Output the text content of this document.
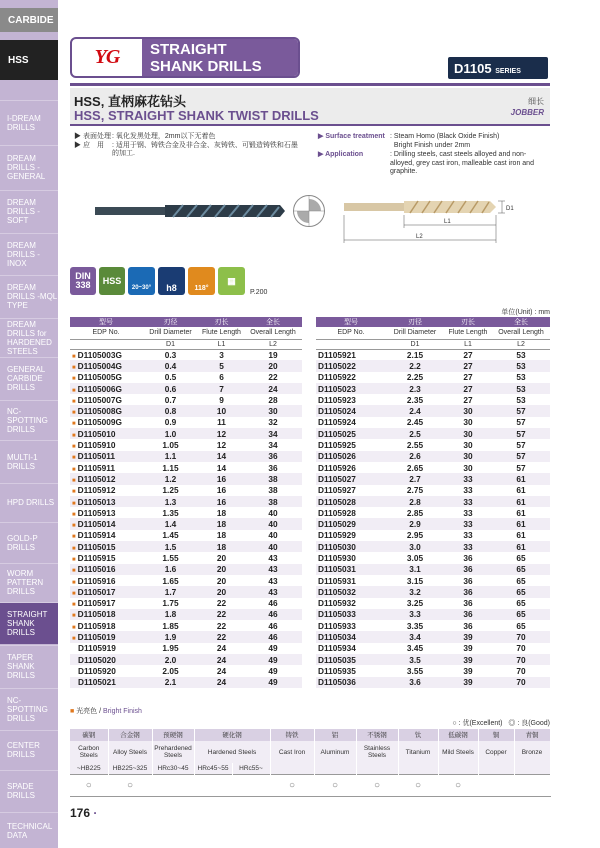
CARBIDE
HSS
I-DREAM DRILLS
DREAM DRILLS -GENERAL
DREAM DRILLS -SOFT
DREAM DRILLS -INOX
DREAM DRILLS -MQL TYPE
DREAM DRILLS for HARDENED STEELS
GENERAL CARBIDE DRILLS
NC-SPOTTING DRILLS
MULTI-1 DRILLS
HPD DRILLS
GOLD-P DRILLS
WORM PATTERN DRILLS
STRAIGHT SHANK DRILLS
TAPER SHANK DRILLS
NC-SPOTTING DRILLS
CENTER DRILLS
SPADE DRILLS
TECHNICAL DATA
YG	STRAIGHT
SHANK DRILLS	D1105 SERIES
HSS, 直柄麻花钻头
HSS, STRAIGHT SHANK TWIST DRILLS
细长
JOBBER
▶ 表面处理 : 氧化发黑处理，2mm以下无着色
▶ 应　用	: 适用于钢、铸铁合金及非合金、灰铸铁、可锻造铸铁和石墨的加工.
▶ Surface treatment : Steam Homo (Black Oxide Finish)
Bright Finish under 2mm
▶ Application	: Drilling steels, cast steels alloyed and non-alloyed, grey cast iron, malleable cast iron and graphite.
D1
L1
L2
DIN
338 HSS
20~30° h8	118°
▦
P.200
单位(Unit) : mm
型号	刃径	刃长	全长
EDP No.	Drill Diameter	Flute Length	Overall Length
	D1	L1	L2
■ D1105003G	0.3	3	19
■ D1105004G	0.4	5	20
■ D1105005G	0.5	6	22
■ D1105006G	0.6	7	24
■ D1105007G	0.7	9	28
■ D1105008G	0.8	10	30
■ D1105009G	0.9	11	32
■ D1105010	1.0	12	34
■ D1105910	1.05	12	34
■ D1105011	1.1	14	36
■ D1105911	1.15	14	36
■ D1105012	1.2	16	38
■ D1105912	1.25	16	38
■ D1105013	1.3	16	38
■ D1105913	1.35	18	40
■ D1105014	1.4	18	40
■ D1105914	1.45	18	40
■ D1105015	1.5	18	40
■ D1105915	1.55	20	43
■ D1105016	1.6	20	43
■ D1105916	1.65	20	43
■ D1105017	1.7	20	43
■ D1105917	1.75	22	46
■ D1105018	1.8	22	46
■ D1105918	1.85	22	46
■ D1105019	1.9	22	46
D1105919	1.95	24	49
D1105020	2.0	24	49
D1105920	2.05	24	49
D1105021	2.1	24	49
型号	刃径	刃长	全长
EDP No.	Drill Diameter	Flute Length	Overall Length
	D1	L1	L2
D1105921	2.15	27	53
D1105022	2.2	27	53
D1105922	2.25	27	53
D1105023	2.3	27	53
D1105923	2.35	27	53
D1105024	2.4	30	57
D1105924	2.45	30	57
D1105025	2.5	30	57
D1105925	2.55	30	57
D1105026	2.6	30	57
D1105926	2.65	30	57
D1105027	2.7	33	61
D1105927	2.75	33	61
D1105028	2.8	33	61
D1105928	2.85	33	61
D1105029	2.9	33	61
D1105929	2.95	33	61
D1105030	3.0	33	61
D1105930	3.05	36	65
D1105031	3.1	36	65
D1105931	3.15	36	65
D1105032	3.2	36	65
D1105932	3.25	36	65
D1105033	3.3	36	65
D1105933	3.35	36	65
D1105034	3.4	39	70
D1105934	3.45	39	70
D1105035	3.5	39	70
D1105935	3.55	39	70
D1105036	3.6	39	70
■ 光亮色 / Bright Finish
○ : 优(Excellent) ◎ : 良(Good)
碳钢	合金钢	预硬钢	硬化钢		铸铁	铝	不锈钢	钛	低碳钢	铜	青铜
Carbon Steels	Alloy Steels	Prehardened Steels	Hardened Steels		Cast Iron	Aluminum	Stainless Steels	Titanium	Mild Steels	Copper	Bronze
~HB225	HB225~325	HRc30~45	HRc45~55	HRc55~							
○	○				○	○	○	○	○		
176 ·
